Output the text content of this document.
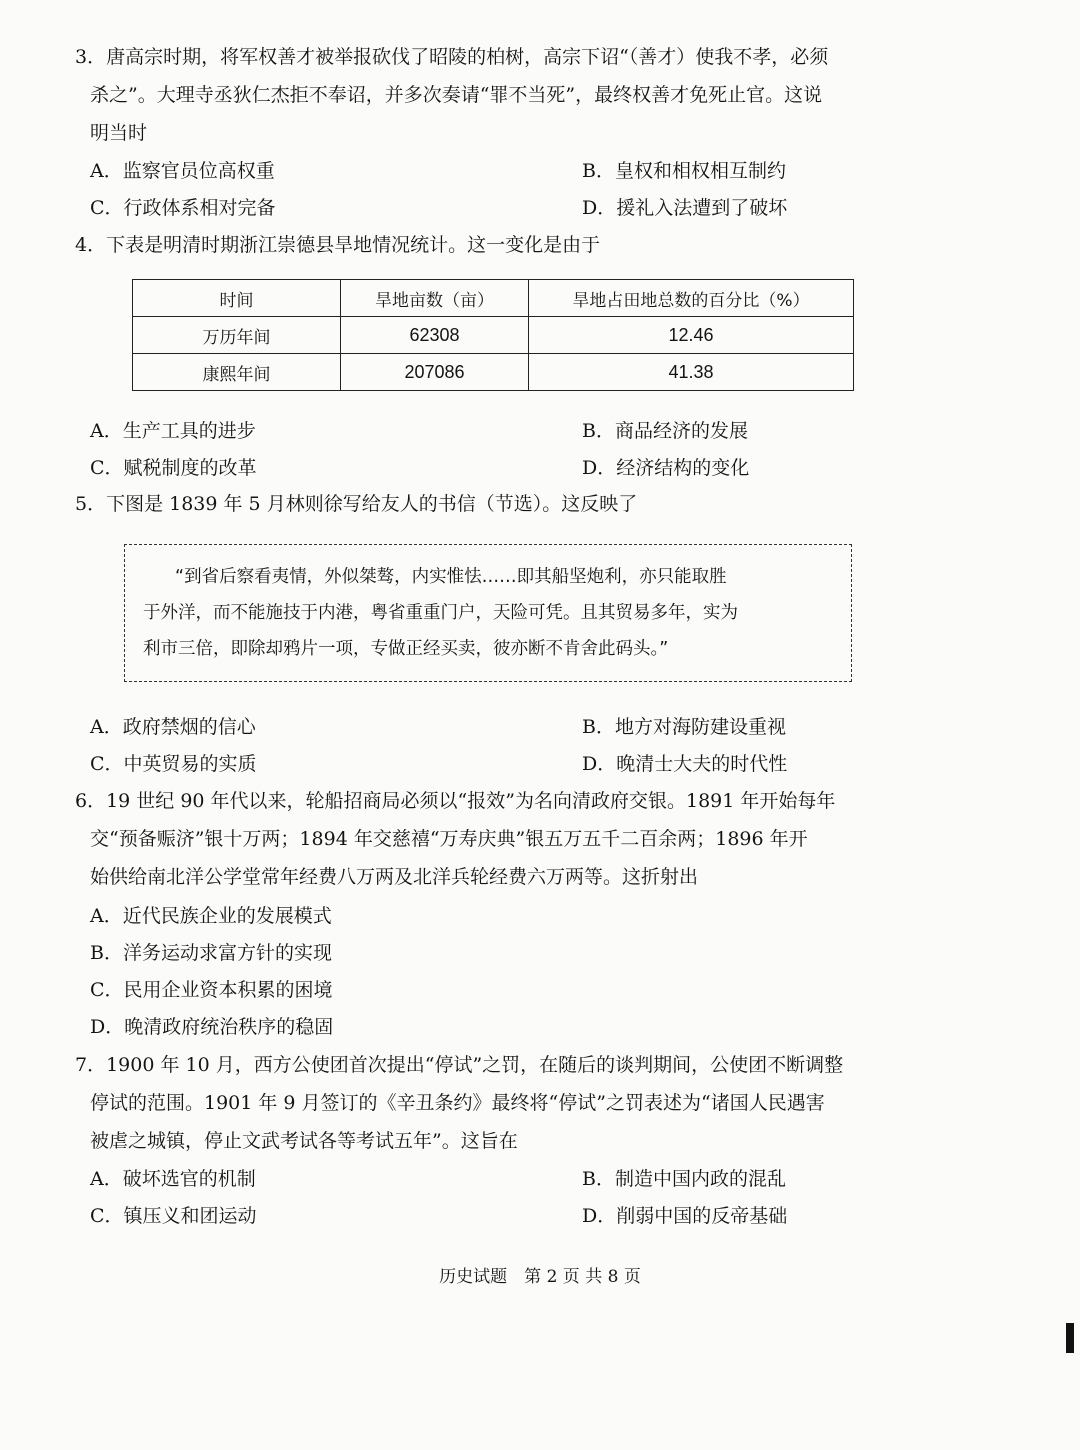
3．唐高宗时期，将军权善才被举报砍伐了昭陵的柏树，高宗下诏“（善才）使我不孝，必须
杀之”。大理寺丞狄仁杰拒不奉诏，并多次奏请“罪不当死”，最终权善才免死止官。这说
明当时
A．监察官员位高权重	B．皇权和相权相互制约
C．行政体系相对完备	D．援礼入法遭到了破坏
4．下表是明清时期浙江崇德县旱地情况统计。这一变化是由于
时间	旱地亩数（亩）	旱地占田地总数的百分比（%）
万历年间	62308	12.46
康熙年间	207086	41.38
A．生产工具的进步	B．商品经济的发展
C．赋税制度的改革	D．经济结构的变化
5．下图是 1839 年 5 月林则徐写给友人的书信（节选）。这反映了
“到省后察看夷情，外似桀骜，内实惟怯……即其船坚炮利，亦只能取胜
于外洋，而不能施技于内港，粤省重重门户，天险可凭。且其贸易多年，实为
利市三倍，即除却鸦片一项，专做正经买卖，彼亦断不肯舍此码头。”
A．政府禁烟的信心	B．地方对海防建设重视
C．中英贸易的实质	D．晚清士大夫的时代性
6．19 世纪 90 年代以来，轮船招商局必须以“报效”为名向清政府交银。1891 年开始每年
交“预备赈济”银十万两；1894 年交慈禧“万寿庆典”银五万五千二百余两；1896 年开
始供给南北洋公学堂常年经费八万两及北洋兵轮经费六万两等。这折射出
A．近代民族企业的发展模式
B．洋务运动求富方针的实现
C．民用企业资本积累的困境
D．晚清政府统治秩序的稳固
7．1900 年 10 月，西方公使团首次提出“停试”之罚，在随后的谈判期间，公使团不断调整
停试的范围。1901 年 9 月签订的《辛丑条约》最终将“停试”之罚表述为“诸国人民遇害
被虐之城镇，停止文武考试各等考试五年”。这旨在
A．破坏选官的机制	B．制造中国内政的混乱
C．镇压义和团运动	D．削弱中国的反帝基础
历史试题　第 2 页 共 8 页
